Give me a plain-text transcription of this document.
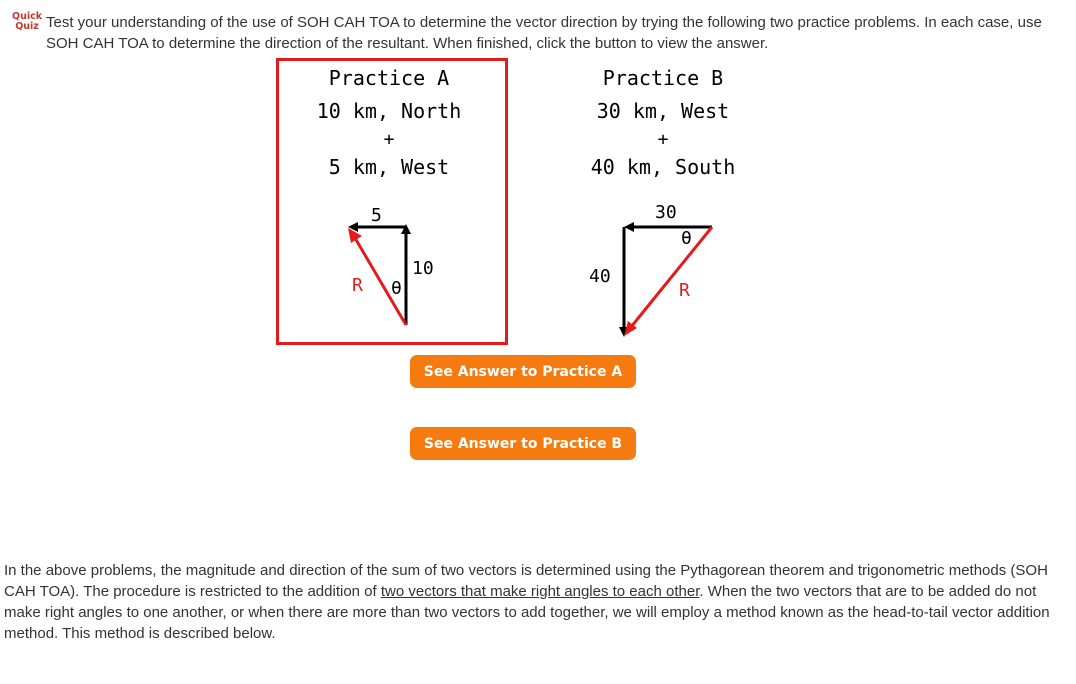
Quick
Quiz Test your understanding of the use of SOH CAH TOA to determine the vector direction by trying the following two practice problems. In each case, use SOH CAH TOA to determine the direction of the resultant. When finished, click the button to view the answer.
Practice A
10 km, North
+
5 km, West
5
10
R θ
Practice B
30 km, West
+
40 km, South
30
θ
40
R
See Answer to Practice A
See Answer to Practice B
In the above problems, the magnitude and direction of the sum of two vectors is determined using the Pythagorean theorem and trigonometric methods (SOH CAH TOA). The procedure is restricted to the addition of two vectors that make right angles to each other. When the two vectors that are to be added do not make right angles to one another, or when there are more than two vectors to add together, we will employ a method known as the head-to-tail vector addition method. This method is described below.
